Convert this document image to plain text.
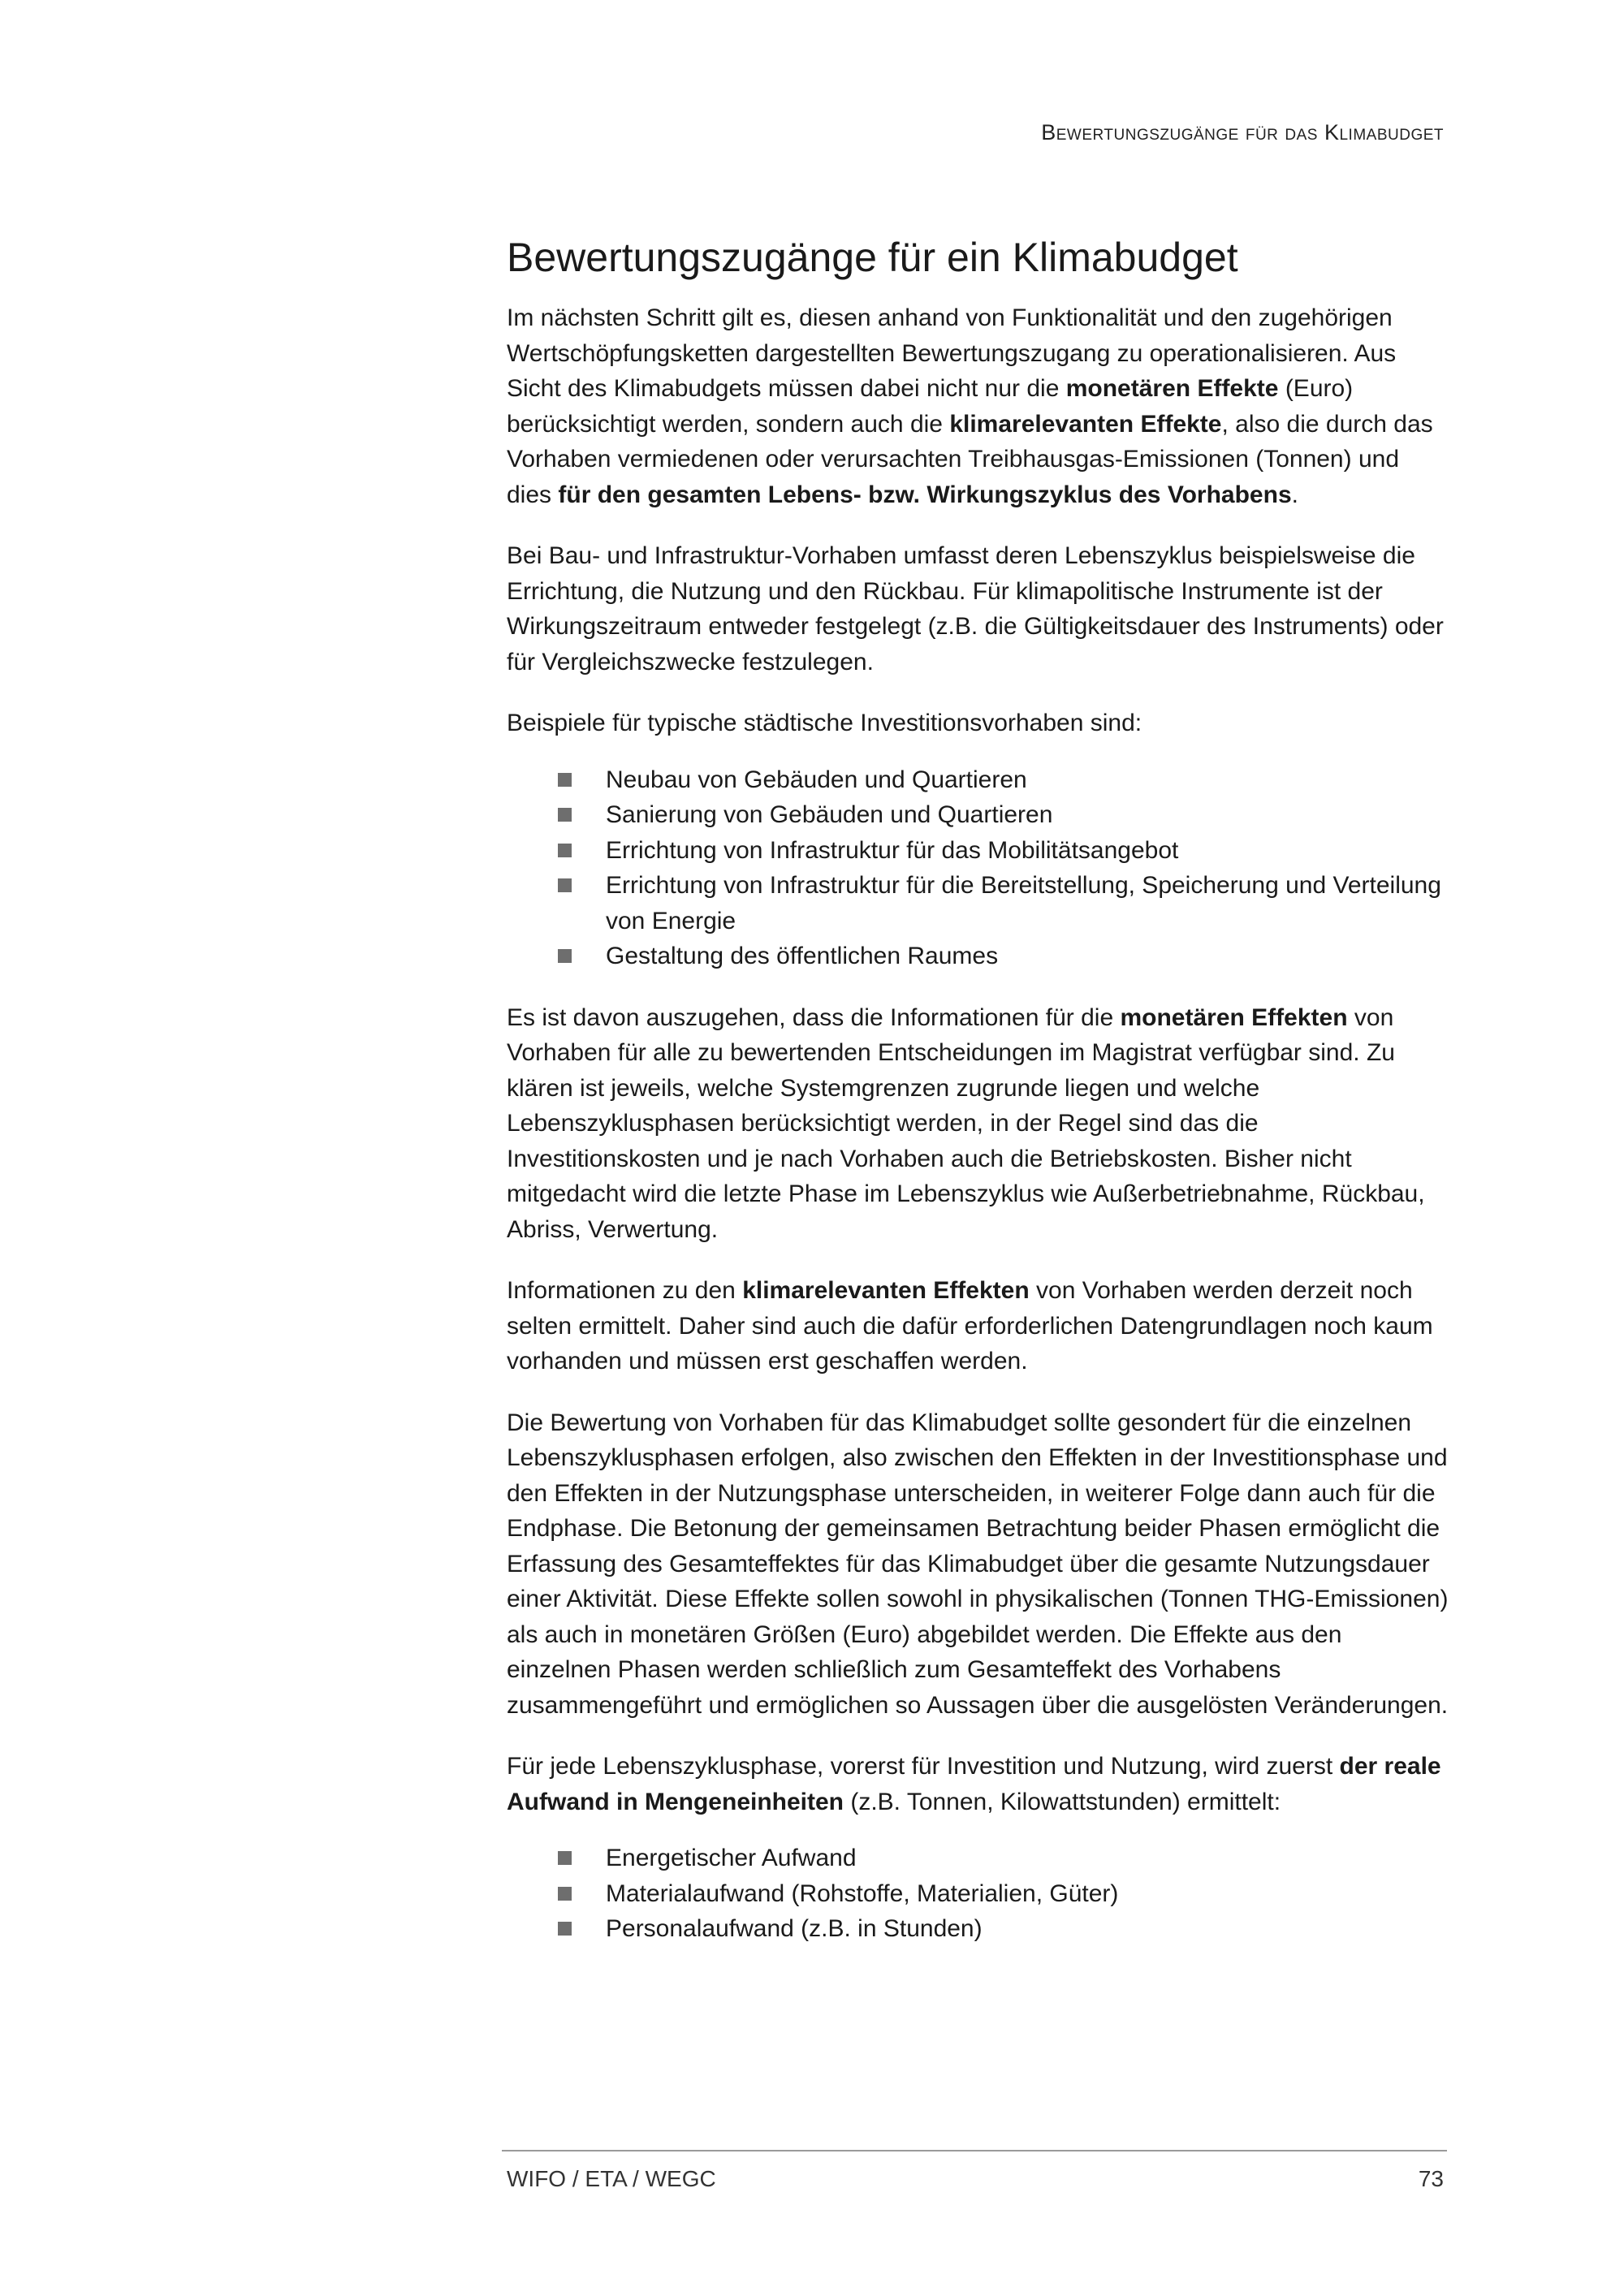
Bewertungszugänge für das Klimabudget
Bewertungszugänge für ein Klimabudget

Im nächsten Schritt gilt es, diesen anhand von Funktionalität und den zugehörigen Wertschöpfungsketten dargestellten Bewertungszugang zu operationalisieren. Aus Sicht des Klimabudgets müssen dabei nicht nur die monetären Effekte (Euro) berücksichtigt werden, sondern auch die klimarelevanten Effekte, also die durch das Vorhaben vermiedenen oder verursachten Treibhausgas-Emissionen (Tonnen) und dies für den gesamten Lebens- bzw. Wirkungszyklus des Vorhabens.

Bei Bau- und Infrastruktur-Vorhaben umfasst deren Lebenszyklus beispielsweise die Errichtung, die Nutzung und den Rückbau. Für klimapolitische Instrumente ist der Wirkungszeitraum entweder festgelegt (z.B. die Gültigkeitsdauer des Instruments) oder für Vergleichszwecke festzulegen.

Beispiele für typische städtische Investitionsvorhaben sind:

Neubau von Gebäuden und Quartieren
Sanierung von Gebäuden und Quartieren
Errichtung von Infrastruktur für das Mobilitätsangebot
Errichtung von Infrastruktur für die Bereitstellung, Speicherung und Verteilung von Energie
Gestaltung des öffentlichen Raumes

Es ist davon auszugehen, dass die Informationen für die monetären Effekten von Vorhaben für alle zu bewertenden Entscheidungen im Magistrat verfügbar sind. Zu klären ist jeweils, welche Systemgrenzen zugrunde liegen und welche Lebenszyklusphasen berücksichtigt werden, in der Regel sind das die Investitionskosten und je nach Vorhaben auch die Betriebskosten. Bisher nicht mitgedacht wird die letzte Phase im Lebenszyklus wie Außerbetriebnahme, Rückbau, Abriss, Verwertung.

Informationen zu den klimarelevanten Effekten von Vorhaben werden derzeit noch selten ermittelt. Daher sind auch die dafür erforderlichen Datengrundlagen noch kaum vorhanden und müssen erst geschaffen werden.

Die Bewertung von Vorhaben für das Klimabudget sollte gesondert für die einzelnen Lebenszyklusphasen erfolgen, also zwischen den Effekten in der Investitionsphase und den Effekten in der Nutzungsphase unterscheiden, in weiterer Folge dann auch für die Endphase. Die Betonung der gemeinsamen Betrachtung beider Phasen ermöglicht die Erfassung des Gesamteffektes für das Klimabudget über die gesamte Nutzungsdauer einer Aktivität. Diese Effekte sollen sowohl in physikalischen (Tonnen THG-Emissionen) als auch in monetären Größen (Euro) abgebildet werden. Die Effekte aus den einzelnen Phasen werden schließlich zum Gesamteffekt des Vorhabens zusammengeführt und ermöglichen so Aussagen über die ausgelösten Veränderungen.

Für jede Lebenszyklusphase, vorerst für Investition und Nutzung, wird zuerst der reale Aufwand in Mengeneinheiten (z.B. Tonnen, Kilowattstunden) ermittelt:

Energetischer Aufwand
Materialaufwand (Rohstoffe, Materialien, Güter)
Personalaufwand (z.B. in Stunden)
WIFO / ETA / WEGC	73
